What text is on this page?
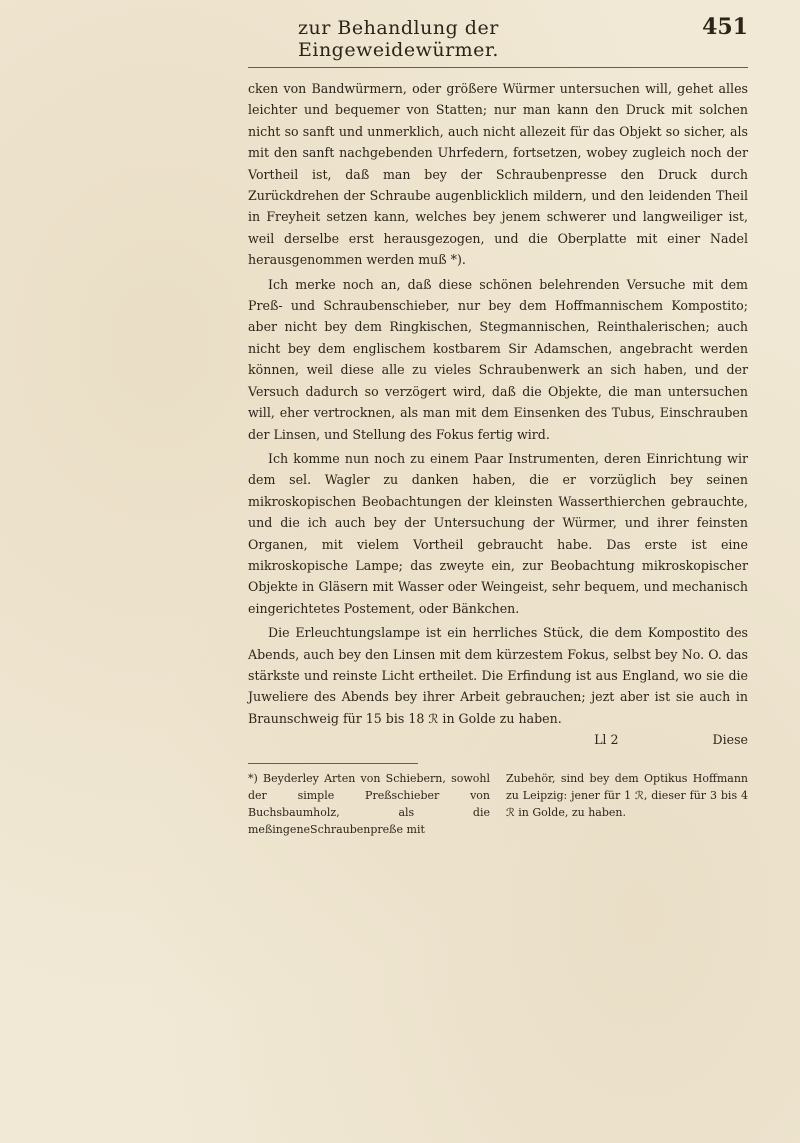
zur Behandlung der Eingeweidewürmer.
451

cken von Bandwürmern, oder größere Würmer untersuchen will, gehet alles leichter und bequemer von Statten; nur man kann den Druck mit solchen nicht so sanft und unmerklich, auch nicht allezeit für das Objekt so sicher, als mit den sanft nachgebenden Uhrfedern, fortsetzen, wobey zugleich noch der Vortheil ist, daß man bey der Schraubenpresse den Druck durch Zurückdrehen der Schraube augenblicklich mildern, und den leidenden Theil in Freyheit setzen kann, welches bey jenem schwerer und langweiliger ist, weil derselbe erst herausgezogen, und die Oberplatte mit einer Nadel herausgenommen werden muß *).

Ich merke noch an, daß diese schönen belehrenden Versuche mit dem Preß- und Schraubenschieber, nur bey dem Hoffmannischem Kompostito; aber nicht bey dem Ringkischen, Stegmannischen, Reinthalerischen; auch nicht bey dem englischem kostbarem Sir Adamschen, angebracht werden können, weil diese alle zu vieles Schraubenwerk an sich haben, und der Versuch dadurch so verzögert wird, daß die Objekte, die man untersuchen will, eher vertrocknen, als man mit dem Einsenken des Tubus, Einschrauben der Linsen, und Stellung des Fokus fertig wird.

Ich komme nun noch zu einem Paar Instrumenten, deren Einrichtung wir dem sel. Wagler zu danken haben, die er vorzüglich bey seinen mikroskopischen Beobachtungen der kleinsten Wasserthierchen gebrauchte, und die ich auch bey der Untersuchung der Würmer, und ihrer feinsten Organen, mit vielem Vortheil gebraucht habe. Das erste ist eine mikroskopische Lampe; das zweyte ein, zur Beobachtung mikroskopischer Objekte in Gläsern mit Wasser oder Weingeist, sehr bequem, und mechanisch eingerichtetes Postement, oder Bänkchen.

Die Erleuchtungslampe ist ein herrliches Stück, die dem Kompostito des Abends, auch bey den Linsen mit dem kürzestem Fokus, selbst bey No. O. das stärkste und reinste Licht ertheilet. Die Erfindung ist aus England, wo sie die Juweliere des Abends bey ihrer Arbeit gebrauchen; jezt aber ist sie auch in Braunschweig für 15 bis 18 ℛ in Golde zu haben.

Ll 2	Diese

*) Beyderley Arten von Schiebern, sowohl der simple Preßschieber von Buchsbaumholz, als die meßingeneSchraubenpreße mit

Zubehör, sind bey dem Optikus Hoffmann zu Leipzig: jener für 1 ℛ, dieser für 3 bis 4 ℛ in Golde, zu haben.
